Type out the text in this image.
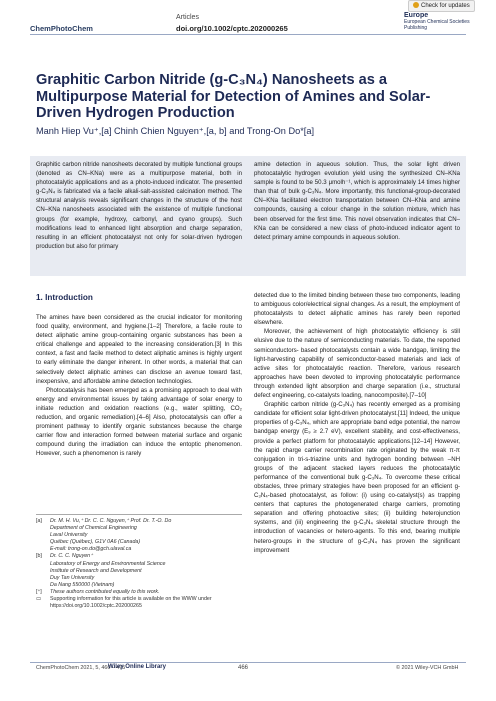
ChemPhotoChem
Articles
doi.org/10.1002/cptc.202000265
Check for updates
Europe
European Chemical Societies Publishing
Graphitic Carbon Nitride (g-C₃N₄) Nanosheets as a Multipurpose Material for Detection of Amines and Solar-Driven Hydrogen Production
Manh Hiep Vu⁺,[a] Chinh Chien Nguyen⁺,[a, b] and Trong-On Do*[a]
Graphitic carbon nitride nanosheets decorated by multiple functional groups (denoted as CN–KNa) were as a multipurpose material, both in photocatalytic applications and as a photo-induced indicator. The presented g-C₃N₄ is fabricated via a facile alkali-salt-assisted calcination method. The structural analysis reveals significant changes in the structure of the host CN–KNa nanosheets associated with the existence of multiple functional groups (for example, hydroxy, carbonyl, and cyano groups). Such modifications lead to enhanced light absorption and charge separation, resulting in an efficient photocatalyst not only for solar-driven hydrogen production but also for primary
amine detection in aqueous solution. Thus, the solar light driven photocatalytic hydrogen evolution yield using the synthesized CN–KNa sample is found to be 50.3 μmolh⁻¹, which is approximately 14 times higher than that of bulk g-C₃N₄. More importantly, this functional-group-decorated CN–KNa facilitated electron transportation between CN–KNa and amine compounds, causing a colour change in the solution mixture, which has been observed for the first time. This novel observation indicates that CN–KNa can be considered a new class of photo-induced indicator agent to detect primary amine compounds in aqueous solution.
1. Introduction

The amines have been considered as the crucial indicator for monitoring food quality, environment, and hygiene.[1–2] Therefore, a facile route to detect aliphatic amine group-containing organic substances has been a critical challenge and appealed to the increasing consideration.[3] In this context, a fast and facile method to detect aliphatic amines is highly urgent to early eliminate the danger inherent. In other words, a material that can selectively detect aliphatic amines can disclose an avenue toward fast, inexpensive, and affordable amine detection technologies.

Photocatalysis has been emerged as a promising approach to deal with energy and environmental issues by taking advantage of solar energy to initiate reduction and oxidation reactions (e.g., water splitting, CO₂ reduction, and organic remediation).[4–6] Also, photocatalysis can offer a prominent pathway to identify organic substances because the charge carrier flow and interaction formed between material surface and organic compound during the irradiation can induce the entoptic phenomenon. However, such a phenomenon is rarely

detected due to the limited binding between these two components, leading to ambiguous color/electrical signal changes. As a result, the employment of photocatalysts to detect aliphatic amines has rarely been reported elsewhere.

Moreover, the achievement of high photocatalytic efficiency is still elusive due to the nature of semiconducting materials. To date, the reported semiconductors- based photocatalysts contain a wide bandgap, limiting the light-harvesting capability of semiconductor-based materials and lack of active sites for photocatalytic reaction. Therefore, various research approaches have been devoted to improving photocatalytic performance through extended light absorption and charge separation (i.e., structural defect engineering, co-catalysts loading, nanocomposite).[7–10]

Graphitic carbon nitride (g-C₃N₄) has recently emerged as a promising candidate for efficient solar light-driven photocatalyst.[11] Indeed, the unique properties of g-C₃N₄, which are appropriate band edge potential, the narrow bandgap energy (E₉ ≥ 2.7 eV), excellent stability, and cost-effectiveness, provide a perfect platform for photocatalytic applications.[12–14] However, the rapid charge carrier recombination rate originated by the weak π-π conjugation in tri-s-triazine units and hydrogen bonding between –NH groups of the adjacent stacked layers reduces the photocatalytic performance of the conventional bulk g-C₃N₄. To overcome these critical obstacles, three primary strategies have been proposed for an efficient g-C₃N₄-based photocatalyst, as follow: (i) using co-catalyst(s) as trapping centers that captures the photogenerated charge carriers, promoting separation and offering photoactive sites; (ii) building heterojunction systems, and (iii) engineering the g-C₃N₄ skeletal structure through the introduction of vacancies or hetero-agents. To this end, bearing multiple hetero-groups in the structure of g-C₃N₄ has proven the significant improvement

[a]	Dr. M. H. Vu,⁺ Dr. C. C. Nguyen,⁺ Prof. Dr. T.-O. Do
Department of Chemical Engineering
Laval University
Québec (Québec), G1V 0A6 (Canada)
E-mail: trong-on.do@gch.ulaval.ca
[b]	Dr. C. C. Nguyen⁺
Laboratory of Energy and Environmental Science
Institute of Research and Development
Duy Tan University
Da Nang 550000 (Vietnam)
[⁺]	These authors contributed equally to this work.
▭	Supporting information for this article is available on the WWW under https://doi.org/10.1002/cptc.202000265
ChemPhotoChem 2021, 5, 466 – 475
Wiley Online Library	466	© 2021 Wiley-VCH GmbH
